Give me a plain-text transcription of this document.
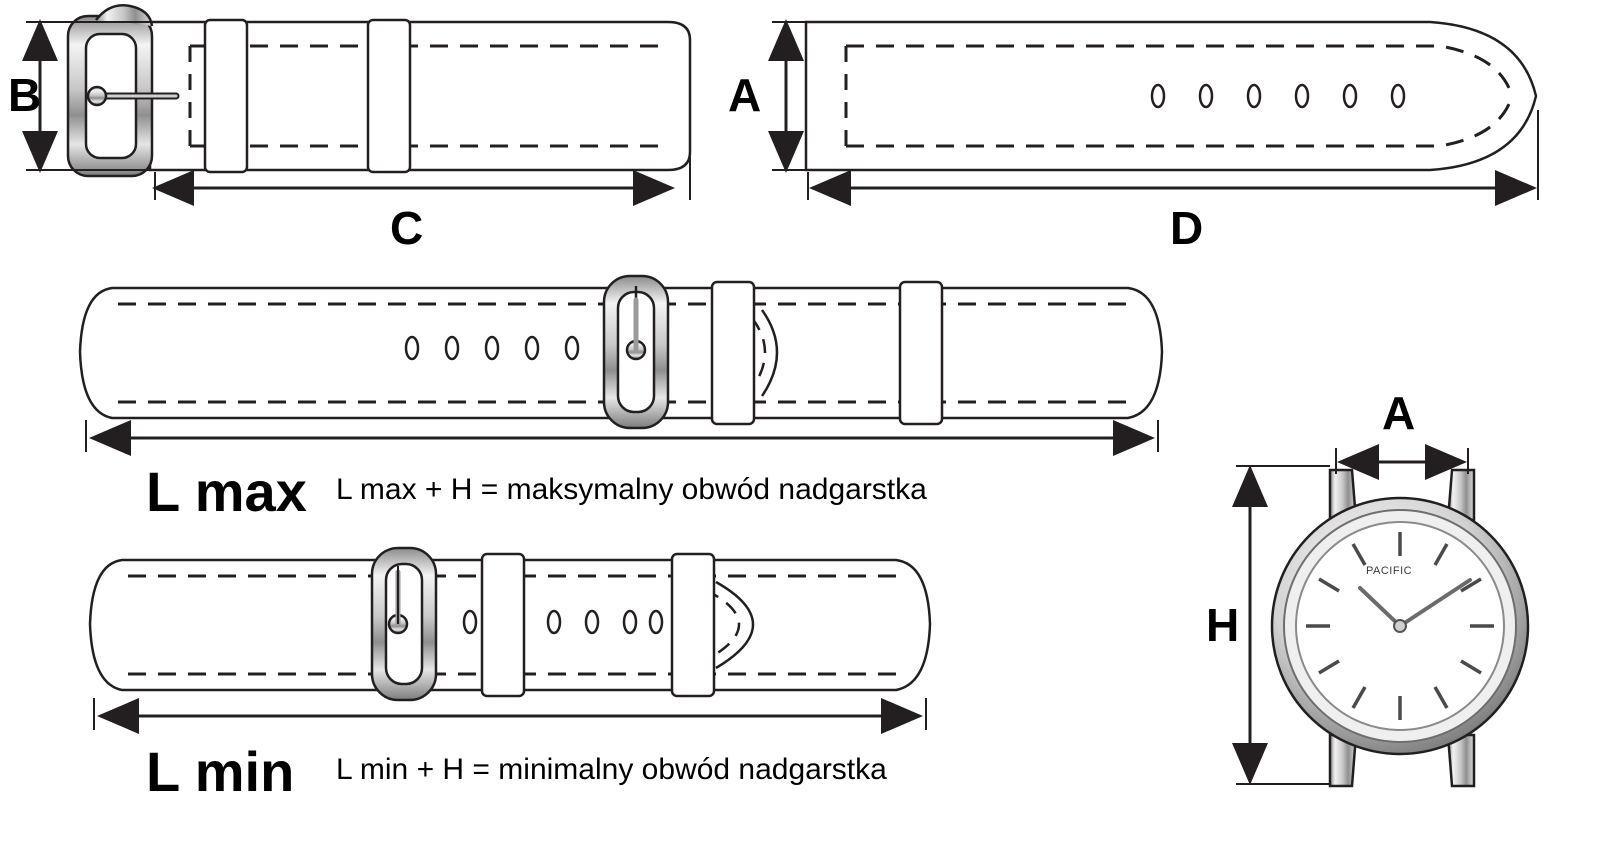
B
C
A
D
L max L max + H = maksymalny obwód nadgarstka
L min L min + H = minimalny obwód nadgarstka
A
H
PACIFIC
